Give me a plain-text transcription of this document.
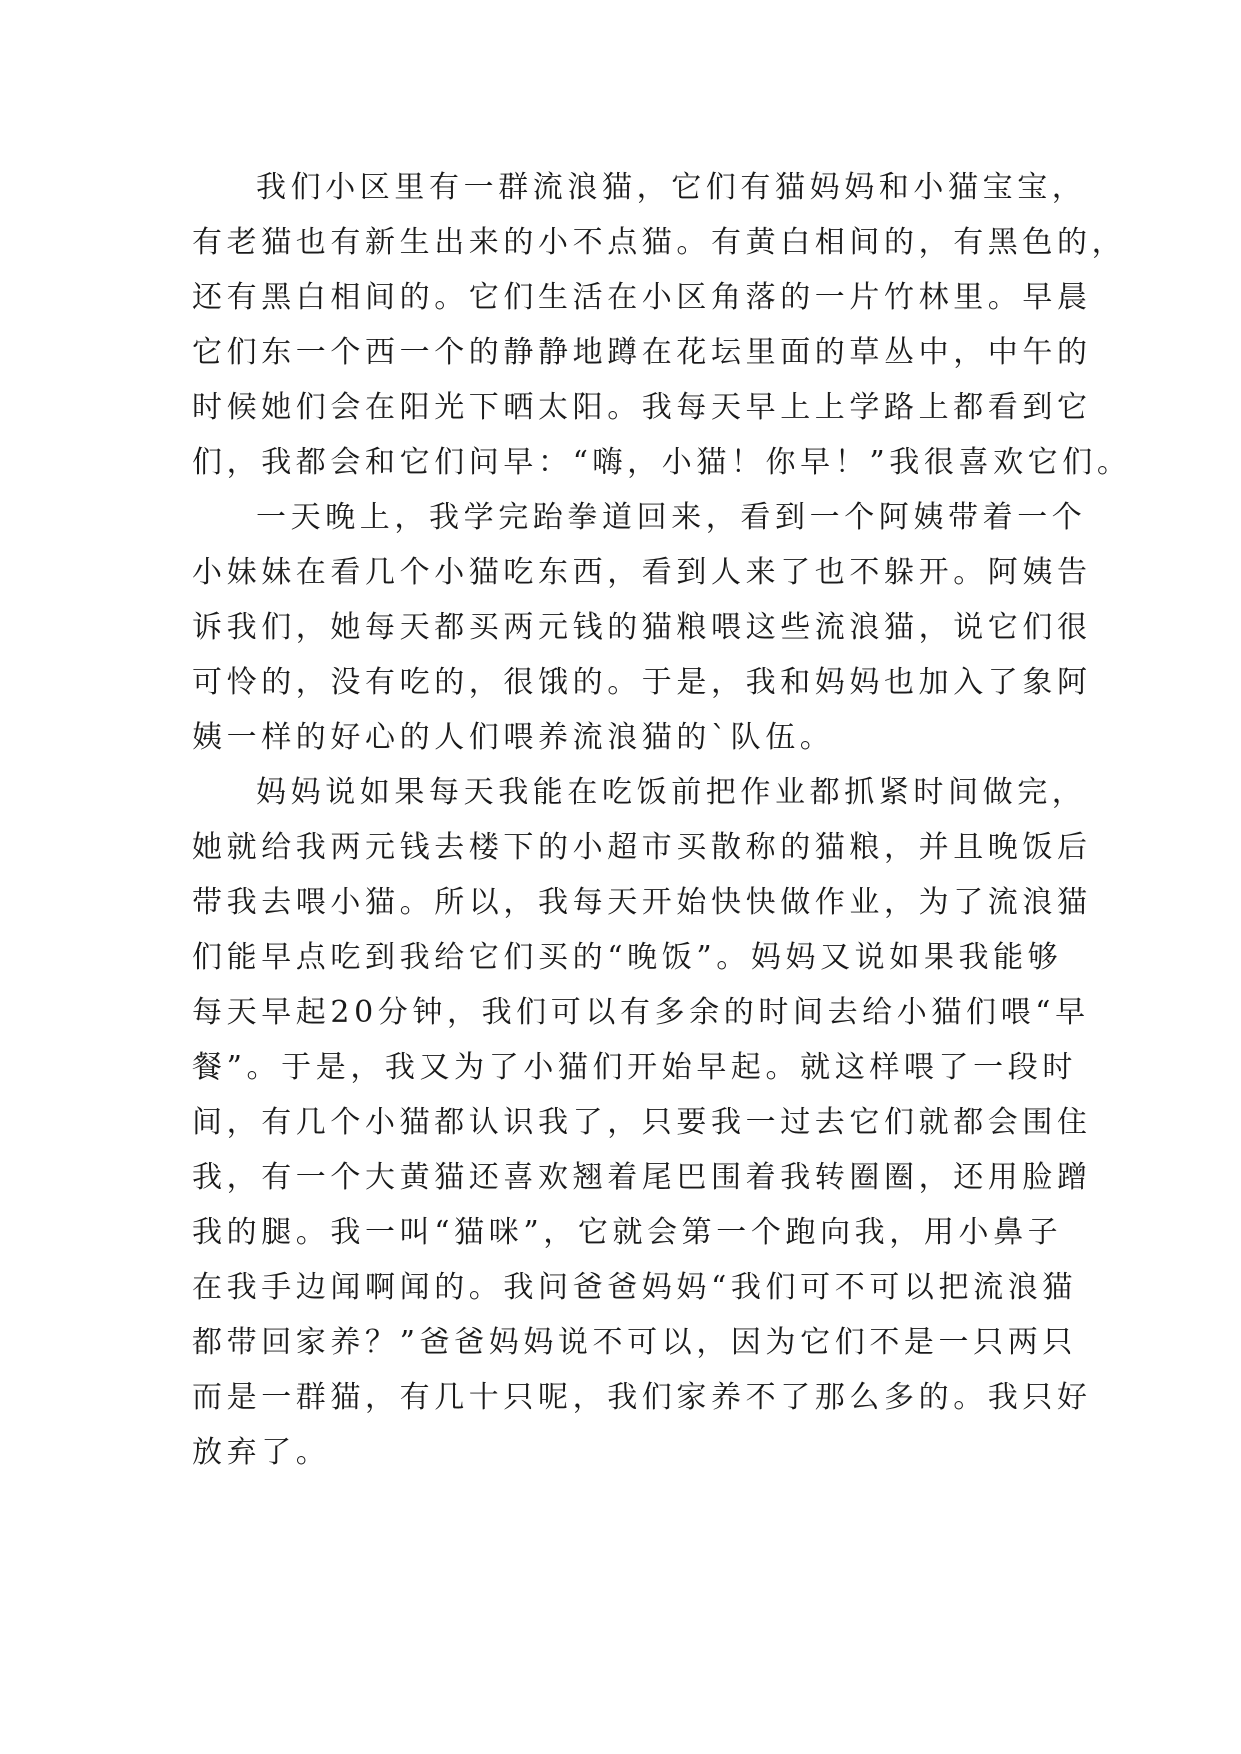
我们小区里有一群流浪猫，它们有猫妈妈和小猫宝宝，
有老猫也有新生出来的小不点猫。有黄白相间的，有黑色的，
还有黑白相间的。它们生活在小区角落的一片竹林里。早晨
它们东一个西一个的静静地蹲在花坛里面的草丛中，中午的
时候她们会在阳光下晒太阳。我每天早上上学路上都看到它
们，我都会和它们问早：“嗨，小猫！你早！”我很喜欢它们。
一天晚上，我学完跆拳道回来，看到一个阿姨带着一个
小妹妹在看几个小猫吃东西，看到人来了也不躲开。阿姨告
诉我们，她每天都买两元钱的猫粮喂这些流浪猫，说它们很
可怜的，没有吃的，很饿的。于是，我和妈妈也加入了象阿
姨一样的好心的人们喂养流浪猫的`队伍。
妈妈说如果每天我能在吃饭前把作业都抓紧时间做完，
她就给我两元钱去楼下的小超市买散称的猫粮，并且晚饭后
带我去喂小猫。所以，我每天开始快快做作业，为了流浪猫
们能早点吃到我给它们买的“晚饭”。妈妈又说如果我能够
每天早起20分钟，我们可以有多余的时间去给小猫们喂“早
餐”。于是，我又为了小猫们开始早起。就这样喂了一段时
间，有几个小猫都认识我了，只要我一过去它们就都会围住
我，有一个大黄猫还喜欢翘着尾巴围着我转圈圈，还用脸蹭
我的腿。我一叫“猫咪”，它就会第一个跑向我，用小鼻子
在我手边闻啊闻的。我问爸爸妈妈“我们可不可以把流浪猫
都带回家养？”爸爸妈妈说不可以，因为它们不是一只两只
而是一群猫，有几十只呢，我们家养不了那么多的。我只好
放弃了。
